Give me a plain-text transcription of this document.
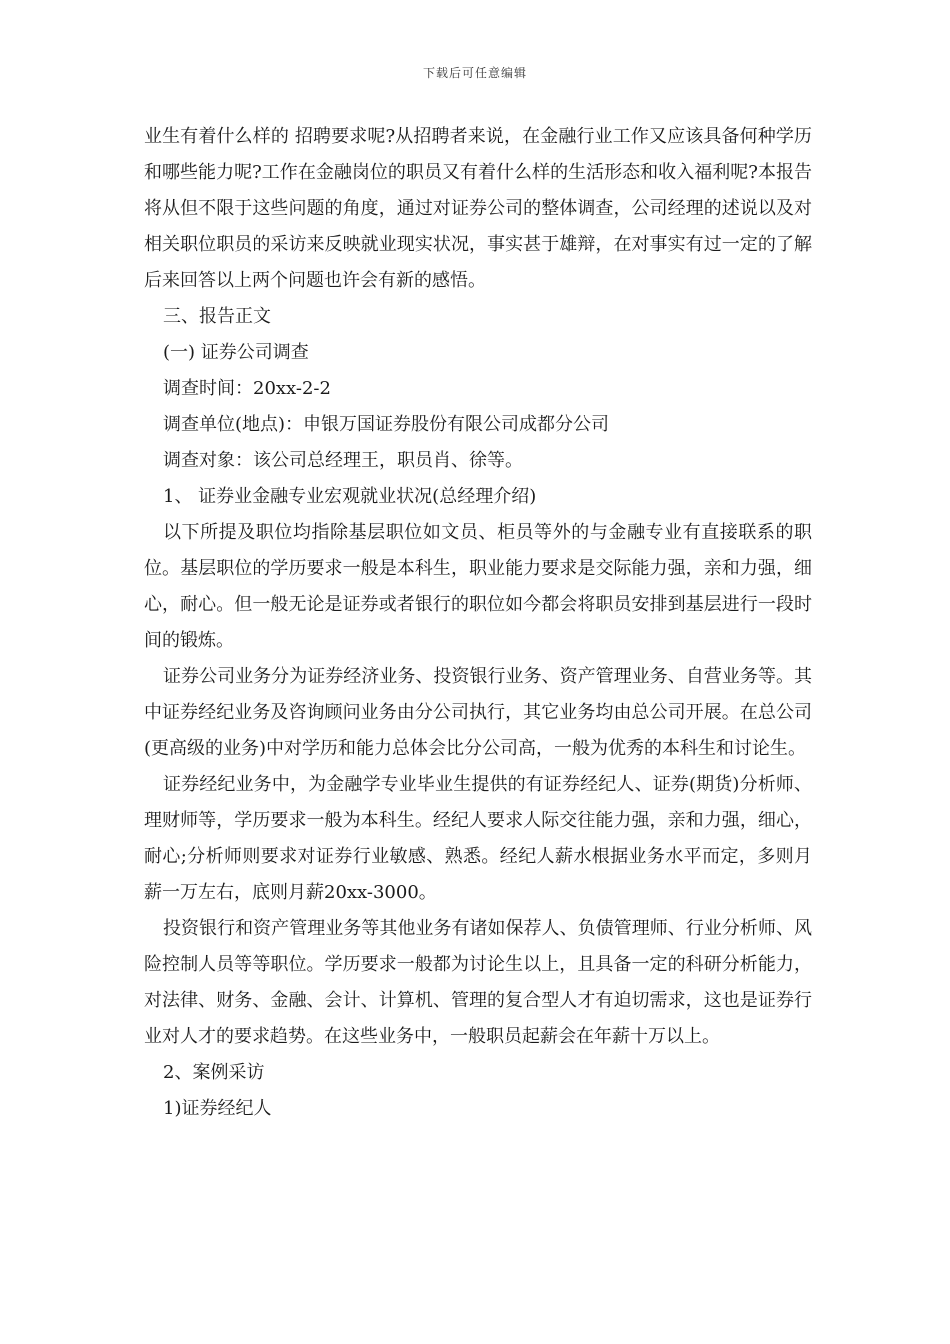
下载后可任意编辑

业生有着什么样的 招聘要求呢?从招聘者来说，在金融行业工作又应该具备何种学历和哪些能力呢?工作在金融岗位的职员又有着什么样的生活形态和收入福利呢?本报告将从但不限于这些问题的角度，通过对证券公司的整体调查，公司经理的述说以及对相关职位职员的采访来反映就业现实状况，事实甚于雄辩，在对事实有过一定的了解后来回答以上两个问题也许会有新的感悟。

三、报告正文

(一) 证券公司调查

调查时间：20xx-2-2

调查单位(地点)：申银万国证券股份有限公司成都分公司

调查对象：该公司总经理王，职员肖、徐等。

1、 证券业金融专业宏观就业状况(总经理介绍)

以下所提及职位均指除基层职位如文员、柜员等外的与金融专业有直接联系的职位。基层职位的学历要求一般是本科生，职业能力要求是交际能力强，亲和力强，细心，耐心。但一般无论是证券或者银行的职位如今都会将职员安排到基层进行一段时间的锻炼。

证券公司业务分为证券经济业务、投资银行业务、资产管理业务、自营业务等。其中证券经纪业务及咨询顾问业务由分公司执行，其它业务均由总公司开展。在总公司(更高级的业务)中对学历和能力总体会比分公司高，一般为优秀的本科生和讨论生。

证券经纪业务中，为金融学专业毕业生提供的有证券经纪人、证券(期货)分析师、理财师等，学历要求一般为本科生。经纪人要求人际交往能力强，亲和力强，细心，耐心;分析师则要求对证券行业敏感、熟悉。经纪人薪水根据业务水平而定，多则月薪一万左右，底则月薪20xx-3000。

投资银行和资产管理业务等其他业务有诸如保荐人、负债管理师、行业分析师、风险控制人员等等职位。学历要求一般都为讨论生以上，且具备一定的科研分析能力，对法律、财务、金融、会计、计算机、管理的复合型人才有迫切需求，这也是证券行业对人才的要求趋势。在这些业务中，一般职员起薪会在年薪十万以上。

2、案例采访

1)证券经纪人
